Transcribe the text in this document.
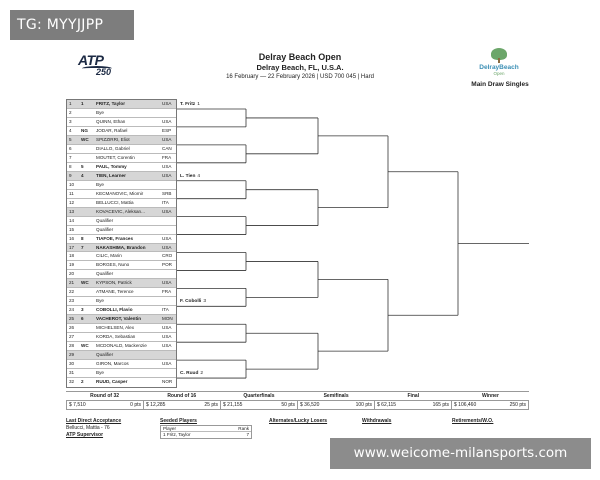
TG: MYYJJPP
ATP
250
Delray Beach Open
Delray Beach, FL, U.S.A.
16 February — 22 February 2026 | USD 700 045 | Hard
DelrayBeach
Open
Main Draw Singles
1	1	FRITZ, Taylor	USA
2	Bye
3	QUINN, Ethan	USA
4	NG	JODAR, Rafael	ESP
5	WC	SPIZZIRRI, Eliot	USA
6	DIALLO, Gabriel	CAN
7	MOUTET, Corentin	FRA
8	5	PAUL, Tommy	USA
9	4	TIEN, Learner	USA
10	Bye
11	KECMANOVIC, Miomir	SRB
12	BELLUCCI, Mattia	ITA
13	KOVACEVIC, Aleksan...	USA
14	Qualifier
15	Qualifier
16	8	TIAFOE, Frances	USA
17	7	NAKASHIMA, Brandon	USA
18	CILIC, Marin	CRO
19	BORGES, Nuno	POR
20	Qualifier
21	WC	KYPSON, Patrick	USA
22	ATMANE, Terence	FRA
23	Bye
24	3	COBOLLI, Flavio	ITA
25	6	VACHEROT, Valentin	MON
26	MICHELSEN, Alex	USA
27	KORDA, Sebastian	USA
28	WC	MCDONALD, Mackenzie	USA
29	Qualifier
30	GIRON, Marcos	USA
31	Bye
32	2	RUUD, Casper	NOR
T. Fritz 1
L. Tien 4
F. Cobolli 3
C. Ruud 2
Round of 32	Round of 16	Quarterfinals	Semifinals	Final	Winner
$ 7,510	0 pts $ 12,285	25 pts $ 21,155	50 pts $ 36,520	100 pts $ 62,115	165 pts $ 106,460	250 pts
Last Direct Acceptance
Bellucci, Mattia - 76
ATP Supervisor
Seeded Players
Player	Rank
1 Fritz, Taylor	7
Alternates/Lucky Losers	Withdrawals	Retirements/W.O.
www.weicome-milansports.com
